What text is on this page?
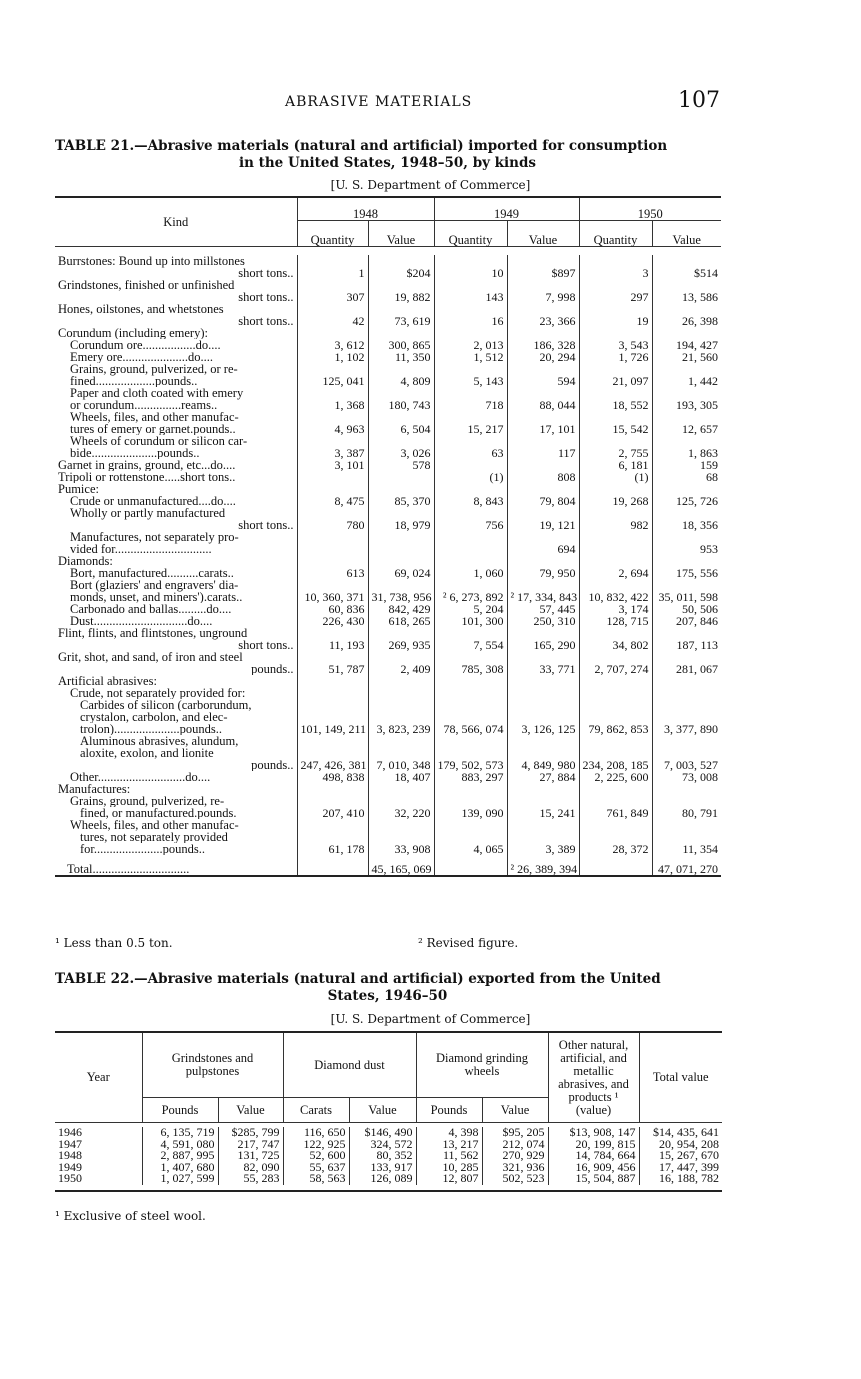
ABRASIVE MATERIALS	107
TABLE 21.—Abrasive materials (natural and artificial) imported for consumption
in the United States, 1948–50, by kinds
[U. S. Department of Commerce]
Kind	1948		1949		1950	
	Quantity	Value	Quantity	Value	Quantity	Value

Burrstones: Bound up into millstones
short tons..	1	$204	10	$897	3	$514

Grindstones, finished or unfinished
short tons..	307	19, 882	143	7, 998	297	13, 586

Hones, oilstones, and whetstones
short tons..	42	73, 619	16	23, 366	19	26, 398

Corundum (including emery):						

Corundum ore.................do....	3, 612	300, 865	2, 013	186, 328	3, 543	194, 427

Emery ore.....................do....	1, 102	11, 350	1, 512	20, 294	1, 726	21, 560

Grains, ground, pulverized, or re-
fined...................pounds..	125, 041	4, 809	5, 143	594	21, 097	1, 442

Paper and cloth coated with emery
or corundum...............reams..	1, 368	180, 743	718	88, 044	18, 552	193, 305

Wheels, files, and other manufac-
tures of emery or garnet.pounds..	4, 963	6, 504	15, 217	17, 101	15, 542	12, 657

Wheels of corundum or silicon car-
bide.....................pounds..	3, 387	3, 026	63	117	2, 755	1, 863

Garnet in grains, ground, etc...do....	3, 101	578			6, 181	159

Tripoli or rottenstone.....short tons..			(1)	808	(1)	68

Pumice:						

Crude or unmanufactured....do....	8, 475	85, 370	8, 843	79, 804	19, 268	125, 726

Wholly or partly manufactured
short tons..	780	18, 979	756	19, 121	982	18, 356

Manufactures, not separately pro-
vided for...............................				694		953

Diamonds:						

Bort, manufactured..........carats..	613	69, 024	1, 060	79, 950	2, 694	175, 556

Bort (glaziers' and engravers' dia-
monds, unset, and miners').carats..	10, 360, 371	31, 738, 956	² 6, 273, 892	² 17, 334, 843	10, 832, 422	35, 011, 598

Carbonado and ballas.........do....	60, 836	842, 429	5, 204	57, 445	3, 174	50, 506

Dust..............................do....	226, 430	618, 265	101, 300	250, 310	128, 715	207, 846

Flint, flints, and flintstones, unground
short tons..	11, 193	269, 935	7, 554	165, 290	34, 802	187, 113

Grit, shot, and sand, of iron and steel
pounds..	51, 787	2, 409	785, 308	33, 771	2, 707, 274	281, 067

Artificial abrasives:						

Crude, not separately provided for:						

Carbides of silicon (carborundum,						

crystalon, carbolon, and elec-						

trolon).....................pounds..	101, 149, 211	3, 823, 239	78, 566, 074	3, 126, 125	79, 862, 853	3, 377, 890

Aluminous abrasives, alundum,						

aloxite, exolon, and lionite						

pounds..	247, 426, 381	7, 010, 348	179, 502, 573	4, 849, 980	234, 208, 185	7, 003, 527

Other............................do....	498, 838	18, 407	883, 297	27, 884	2, 225, 600	73, 008

Manufactures:						

Grains, ground, pulverized, re-						

fined, or manufactured.pounds.	207, 410	32, 220	139, 090	15, 241	761, 849	80, 791

Wheels, files, and other manufac-						

tures, not separately provided						

for......................pounds..	61, 178	33, 908	4, 065	3, 389	28, 372	11, 354
Total...............................		45, 165, 069		² 26, 389, 394		47, 071, 270
¹ Less than 0.5 ton.	² Revised figure.
TABLE 22.—Abrasive materials (natural and artificial) exported from the United
States, 1946–50
[U. S. Department of Commerce]
Year	Grindstones and pulpstones		Diamond dust		Diamond grinding wheels		Other natural, artificial, and metallic abrasives, and products ¹ (value)	Total value
	Pounds	Value	Carats	Value	Pounds	Value		

1946	6, 135, 719	$285, 799	116, 650	$146, 490	4, 398	$95, 205	$13, 908, 147	$14, 435, 641
1947	4, 591, 080	217, 747	122, 925	324, 572	13, 217	212, 074	20, 199, 815	20, 954, 208
1948	2, 887, 995	131, 725	52, 600	80, 352	11, 562	270, 929	14, 784, 664	15, 267, 670
1949	1, 407, 680	82, 090	55, 637	133, 917	10, 285	321, 936	16, 909, 456	17, 447, 399
1950	1, 027, 599	55, 283	58, 563	126, 089	12, 807	502, 523	15, 504, 887	16, 188, 782

¹ Exclusive of steel wool.
